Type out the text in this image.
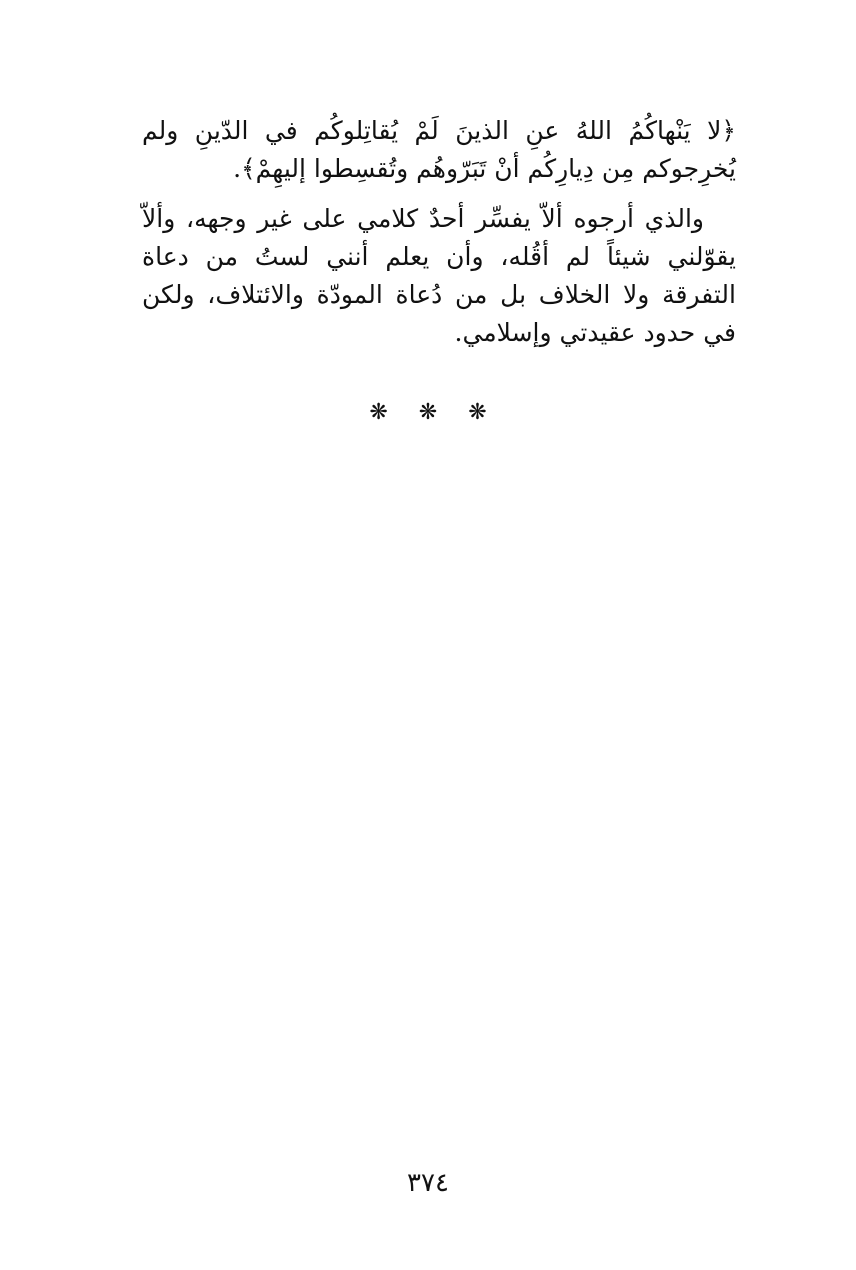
﴿لا يَنْهاكُمُ اللهُ عنِ الذينَ لَمْ يُقاتِلوكُم في الدّينِ ولم يُخرِجوكم مِن دِيارِكُم أنْ تَبَرّوهُم وتُقسِطوا إليهِمْ﴾.

والذي أرجوه ألاّ يفسِّر أحدٌ كلامي على غير وجهه، وألاّ يقوّلني شيئاً لم أقُله، وأن يعلم أنني لستُ من دعاة التفرقة ولا الخلاف بل من دُعاة المودّة والائتلاف، ولكن في حدود عقيدتي وإسلامي.

❋ ❋ ❋
٣٧٤
